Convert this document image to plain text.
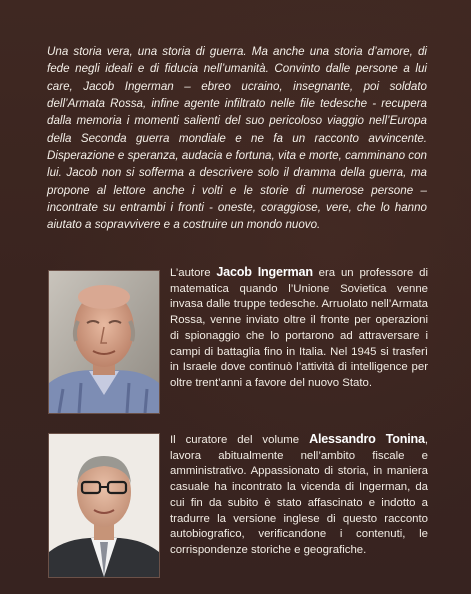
Una storia vera, una storia di guerra. Ma anche una storia d’amore, di fede negli ideali e di fiducia nell’umanità. Convinto dalle persone a lui care, Jacob Ingerman – ebreo ucraino, insegnante, poi soldato dell’Armata Rossa, infine agente infiltrato nelle file tedesche - recupera dalla memoria i momenti salienti del suo pericoloso viaggio nell’Europa della Seconda guerra mondiale e ne fa un racconto avvincente. Disperazione e speranza, audacia e fortuna, vita e morte, camminano con lui. Jacob non si sofferma a descrivere solo il dramma della guerra, ma propone al lettore anche i volti e le storie di numerose persone – incontrate su entrambi i fronti - oneste, coraggiose, vere, che lo hanno aiutato a sopravvivere e a costruire un mondo nuovo.

L’autore Jacob Ingerman era un professore di matematica quando l’Unione Sovietica venne invasa dalle truppe tedesche. Arruolato nell’Armata Rossa, venne inviato oltre il fronte per operazioni di spionaggio che lo portarono ad attraversare i campi di battaglia fino in Italia. Nel 1945 si trasferì in Israele dove continuò l’attività di intelligence per oltre trent’anni a favore del nuovo Stato.

Il curatore del volume Alessandro Tonina, lavora abitualmente nell’ambito fiscale e amministrativo. Appassionato di storia, in maniera casuale ha incontrato la vicenda di Ingerman, da cui fin da subito è stato affascinato e indotto a tradurre la versione inglese di questo racconto autobiografico, verificandone i contenuti, le corrispondenze storiche e geografiche.
